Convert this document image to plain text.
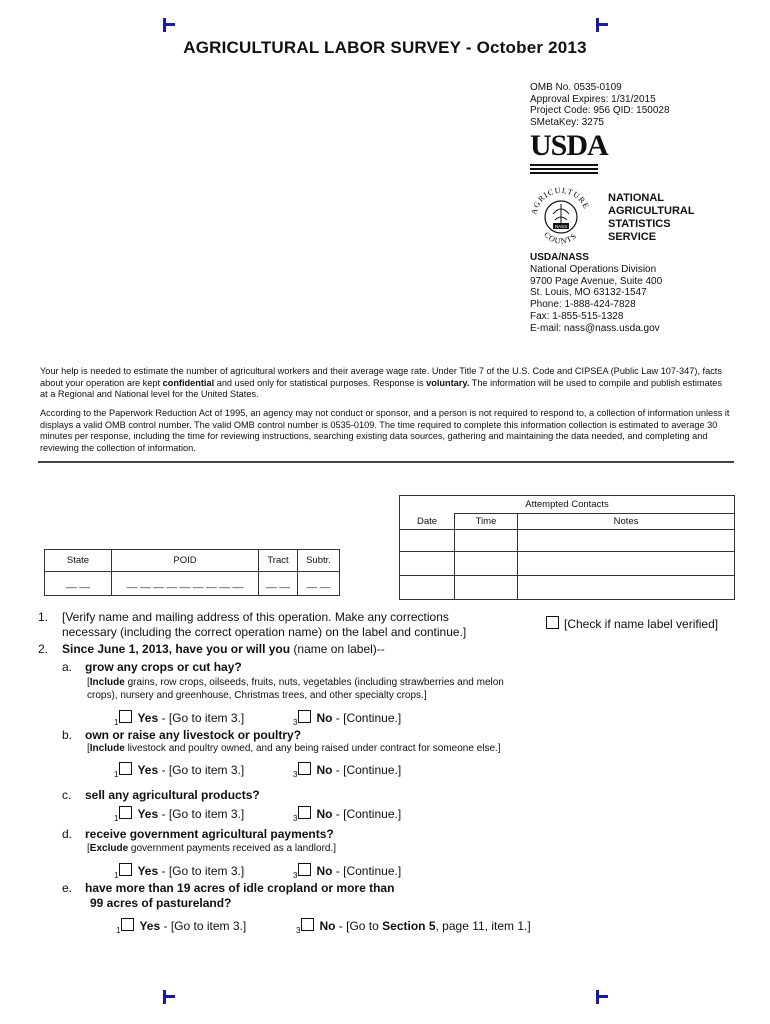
AGRICULTURAL LABOR SURVEY - October 2013
OMB No. 0535-0109
Approval Expires: 1/31/2015
Project Code: 956 QID: 150028
SMetaKey: 3275
USDA
NASS
AGRICULTURE
COUNTS
NATIONAL
AGRICULTURAL
STATISTICS
SERVICE
USDA/NASS
National Operations Division
9700 Page Avenue, Suite 400
St. Louis, MO 63132-1547
Phone: 1-888-424-7828
Fax: 1-855-515-1328
E-mail: nass@nass.usda.gov
Your help is needed to estimate the number of agricultural workers and their average wage rate. Under Title 7 of the U.S. Code and CIPSEA (Public Law 107-347), facts about your operation are kept confidential and used only for statistical purposes. Response is voluntary. The information will be used to compile and publish estimates at a Regional and National level for the United States.
According to the Paperwork Reduction Act of 1995, an agency may not conduct or sponsor, and a person is not required to respond to, a collection of information unless it displays a valid OMB control number. The valid OMB control number is 0535-0109. The time required to complete this information collection is estimated to average 30 minutes per response, including the time for reviewing instructions, searching existing data sources, gathering and maintaining the data needed, and completing and reviewing the collection of information.
Attempted Contacts		
Date	Time	Notes

State	POID	Tract	Subtr.
__ __	__ __ __ __ __ __ __ __ __	__ __	__ __
1. [Verify name and mailing address of this operation. Make any corrections
necessary (including the correct operation name) on the label and continue.]
[Check if name label verified]
2. Since June 1, 2013, have you or will you (name on label)--
a. grow any crops or cut hay?
[Include grains, row crops, oilseeds, fruits, nuts, vegetables (including strawberries and melon crops), nursery and greenhouse, Christmas trees, and other specialty crops.]
$_1$ Yes - [Go to item 3.]	$_3$ No - [Continue.]
b. own or raise any livestock or poultry?
[Include livestock and poultry owned, and any being raised under contract for someone else.]
$_1$ Yes - [Go to item 3.]	$_3$ No - [Continue.]
c. sell any agricultural products?
$_1$ Yes - [Go to item 3.]	$_3$ No - [Continue.]
d. receive government agricultural payments?
[Exclude government payments received as a landlord.]
$_1$ Yes - [Go to item 3.]	$_3$ No - [Continue.]
e. have more than 19 acres of idle cropland or more than
99 acres of pastureland?
$_1$ Yes - [Go to item 3.]	$_3$ No - [Go to Section 5, page 11, item 1.]
